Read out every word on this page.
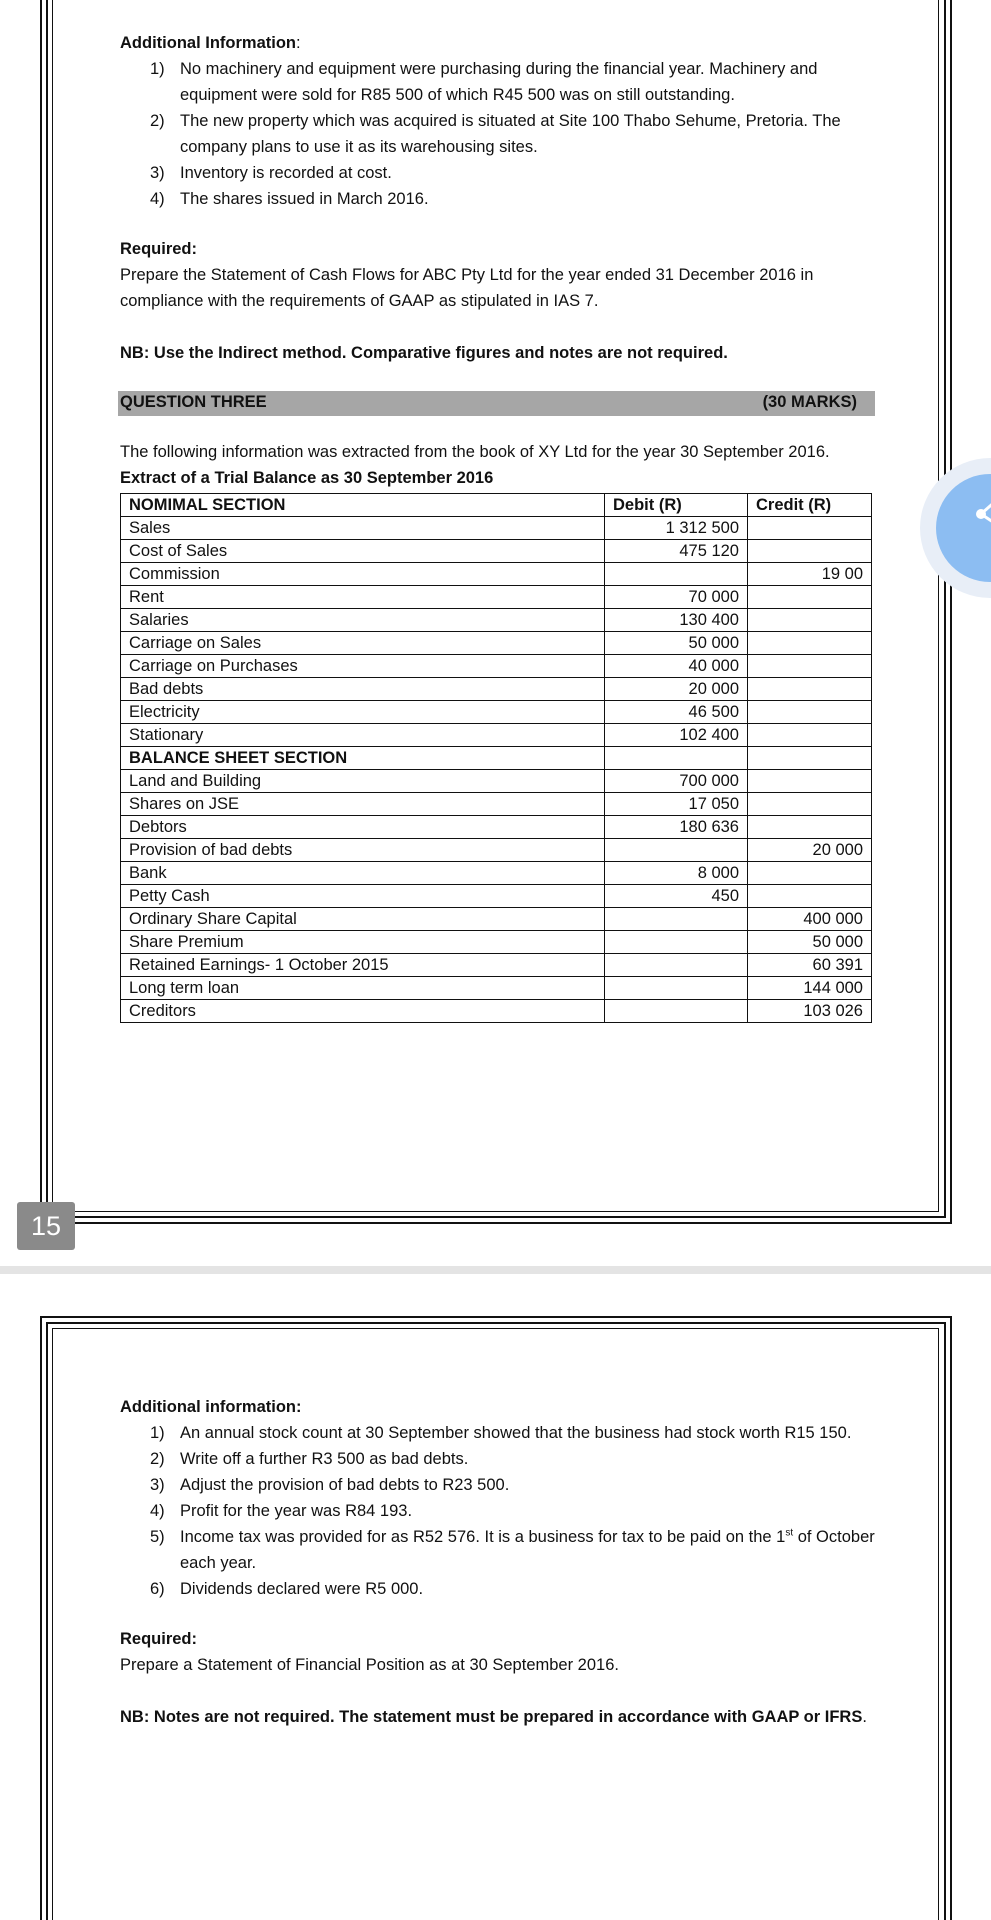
Additional Information:
1) No machinery and equipment were purchasing during the financial year. Machinery and equipment were sold for R85 500 of which R45 500 was on still outstanding.
2) The new property which was acquired is situated at Site 100 Thabo Sehume, Pretoria. The company plans to use it as its warehousing sites.
3) Inventory is recorded at cost.
4) The shares issued in March 2016.
Required:
Prepare the Statement of Cash Flows for ABC Pty Ltd for the year ended 31 December 2016 in compliance with the requirements of GAAP as stipulated in IAS 7.
NB: Use the Indirect method. Comparative figures and notes are not required.
QUESTION THREE	(30 MARKS)
The following information was extracted from the book of XY Ltd for the year 30 September 2016.
Extract of a Trial Balance as 30 September 2016
NOMIMAL SECTION	Debit (R)	Credit (R)
Sales	1 312 500	
Cost of Sales	475 120	
Commission		19 00
Rent	70 000	
Salaries	130 400	
Carriage on Sales	50 000	
Carriage on Purchases	40 000	
Bad debts	20 000	
Electricity	46 500	
Stationary	102 400	
BALANCE SHEET SECTION		
Land and Building	700 000	
Shares on JSE	17 050	
Debtors	180 636	
Provision of bad debts		20 000
Bank	8 000	
Petty Cash	450	
Ordinary Share Capital		400 000
Share Premium		50 000
Retained Earnings- 1 October 2015		60 391
Long term loan		144 000
Creditors		103 026
15
Additional information:
1) An annual stock count at 30 September showed that the business had stock worth R15 150.
2) Write off a further R3 500 as bad debts.
3) Adjust the provision of bad debts to R23 500.
4) Profit for the year was R84 193.
5) Income tax was provided for as R52 576. It is a business for tax to be paid on the 1st of October each year.
6) Dividends declared were R5 000.
Required:
Prepare a Statement of Financial Position as at 30 September 2016.
NB: Notes are not required. The statement must be prepared in accordance with GAAP or IFRS.
